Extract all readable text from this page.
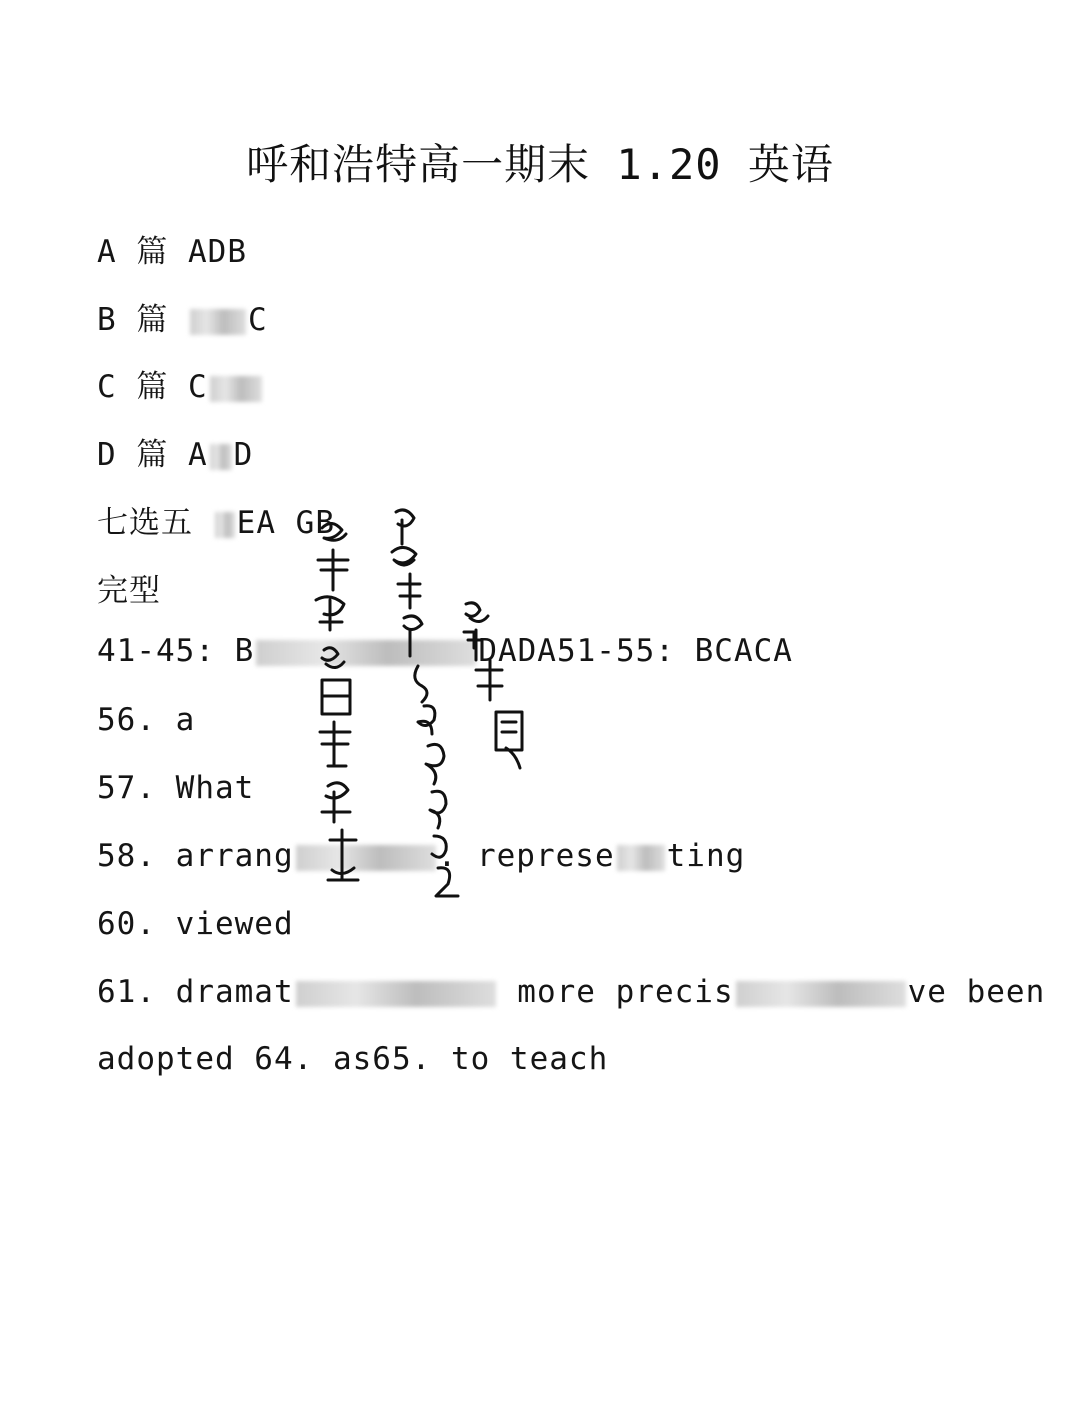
呼和浩特高一期末 1.20 英语
A 篇 ADB
B 篇 C
C 篇 C
D 篇 A D
七选五 EA GB
完型
41-45: B	DADA51-55: BCACA
56. a
57. What
58. arrang	. represe ting
60. viewed
61. dramat	more precis	ve been
adopted 64. as65. to teach
